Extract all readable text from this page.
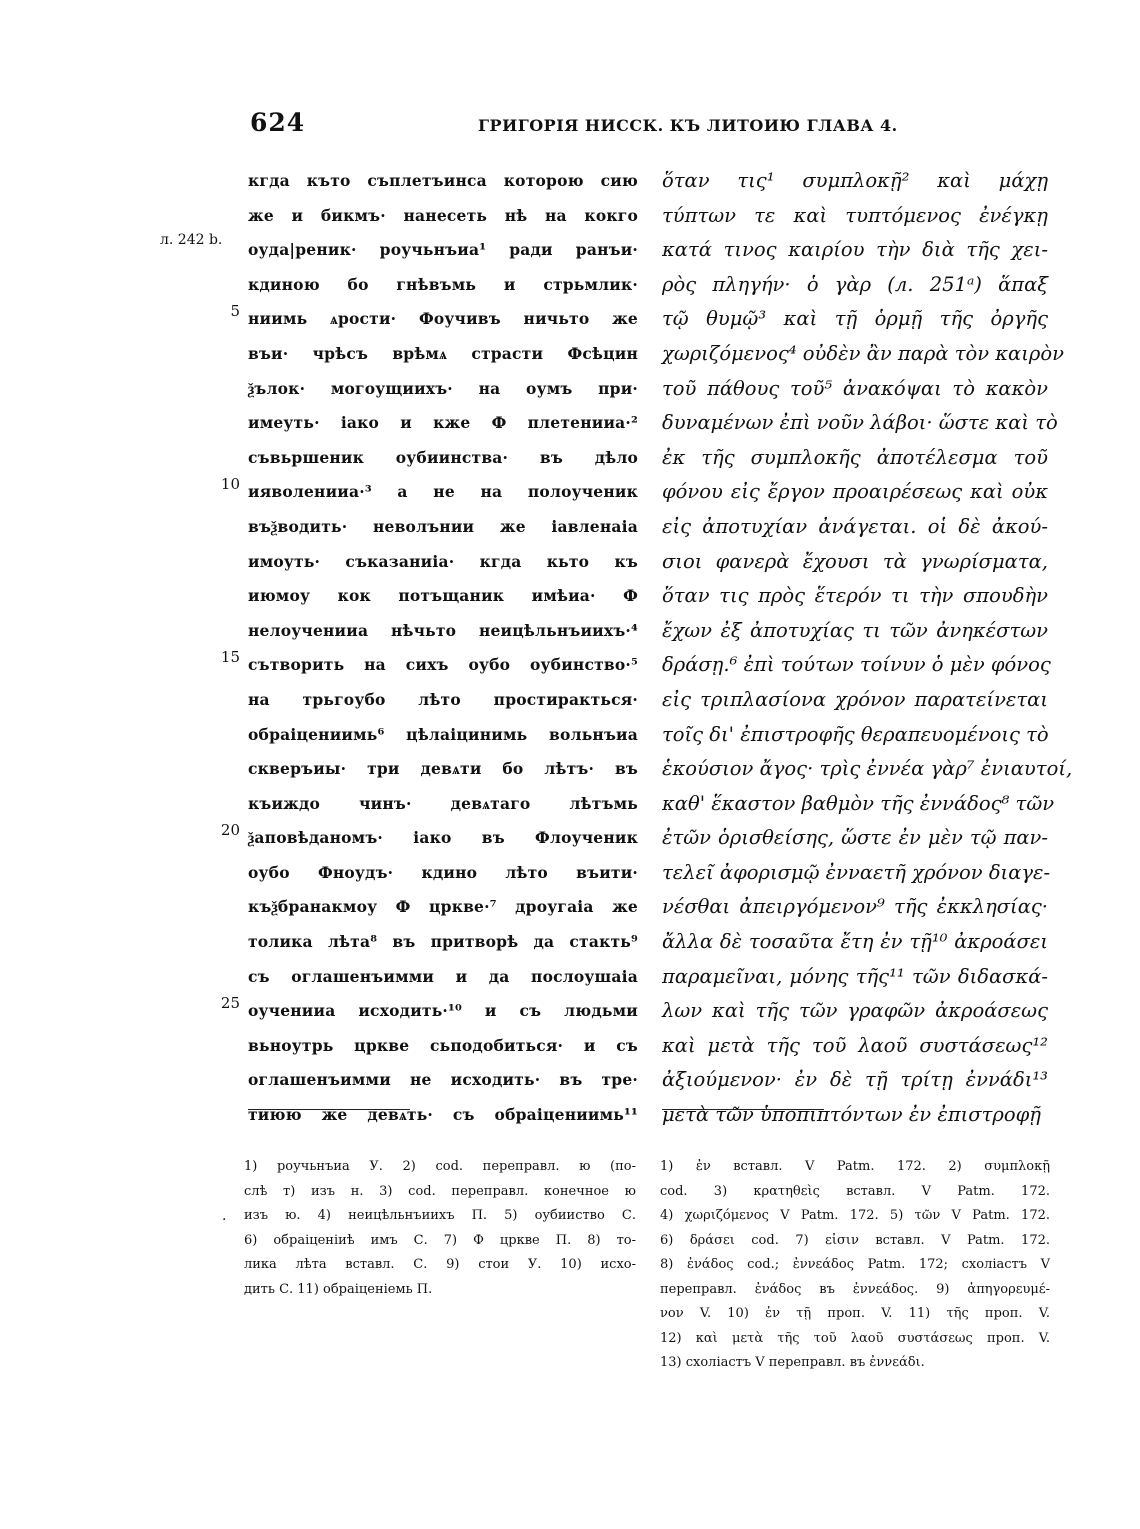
624	ГРИГОРІЯ НИССК. КЪ ЛИТОИЮ ГЛАВА 4.
л. 242 b.
5
10
15
20
25
кгда къто съплетъинса которою сию
же и бикмъ· нанесеть нѣ на кокго
оуда|реник· роучьнъиа¹ ради ранъи·
кдиною бо гнѣвъмь и стрьмлик·
ниимь ѧрости· Фоучивъ ничьто же
въи· чрѣсъ врѣмѧ страсти Фсѣцин
ѯълок· могоущиихъ· на оумъ при·
имеуть· іако и кже Ф плетенииа·²
съвьршеник оубиинства· въ дѣло
ияволенииа·³ а не на полоученик
въѯводить· неволънии же іавленаіа
имоуть· съказаниіа· кгда кьто къ
июмоу кок потъщаник имѣиа· Ф
нелоученииа нѣчьто неицѣльнъиихъ·⁴
сътворить на сихъ оубо оубинство·⁵
на трьгоубо лѣто простиракться·
обраіцениимь⁶ цѣлаіцинимь вольнъиа
скверъиы· три девѧти бо лѣтъ· въ
къиждо чинъ· девѧтаго лѣтъмь
ѯаповѣданомъ· іако въ Флоученик
оубо Фноудъ· кдино лѣто въити·
къѯбранакмоу Ф цркве·⁷ дроугаіа же
толика лѣта⁸ въ притворѣ да стакть⁹
съ оглашенъимми и да послоушаіа
оученииа исходить·¹⁰ и съ людьми
вьноутрь цркве сьподобиться· и съ
оглашенъимми не исходить· въ тре·
тиюю же девѧть· съ обраіцениимь¹¹
ὅταν τις¹ συμπλοκῇ² καὶ μάχῃ
τύπτων τε καὶ τυπτόμενος ἐνέγκῃ
κατά τινος καιρίου τὴν διὰ τῆς χει-
ρὸς πληγήν· ὁ γὰρ (л. 251ᵃ) ἅπαξ
τῷ θυμῷ³ καὶ τῇ ὁρμῇ τῆς ὀργῆς
χωριζόμενος⁴ οὐδὲν ἂν παρὰ τὸν καιρὸν
τοῦ πάθους τοῦ⁵ ἀνακόψαι τὸ κακὸν
δυναμένων ἐπὶ νοῦν λάβοι· ὥστε καὶ τὸ
ἐκ τῆς συμπλοκῆς ἀποτέλεσμα τοῦ
φόνου εἰς ἔργον προαιρέσεως καὶ οὐκ
εἰς ἀποτυχίαν ἀνάγεται. οἱ δὲ ἀκού-
σιοι φανερὰ ἔχουσι τὰ γνωρίσματα,
ὅταν τις πρὸς ἕτερόν τι τὴν σπουδὴν
ἔχων ἐξ ἀποτυχίας τι τῶν ἀνηκέστων
δράσῃ.⁶ ἐπὶ τούτων τοίνυν ὁ μὲν φόνος
εἰς τριπλασίονα χρόνον παρατείνεται
τοῖς δι' ἐπιστροφῆς θεραπευομένοις τὸ
ἑκούσιον ἄγος· τρὶς ἐννέα γὰρ⁷ ἐνιαυτοί,
καθ' ἕκαστον βαθμὸν τῆς ἐννάδος⁸ τῶν
ἐτῶν ὁρισθείσης, ὥστε ἐν μὲν τῷ παν-
τελεῖ ἀφορισμῷ ἐνναετῆ χρόνον διαγε-
νέσθαι ἀπειργόμενον⁹ τῆς ἐκκλησίας·
ἄλλα δὲ τοσαῦτα ἔτη ἐν τῇ¹⁰ ἀκροάσει
παραμεῖναι, μόνης τῆς¹¹ τῶν διδασκά-
λων καὶ τῆς τῶν γραφῶν ἀκροάσεως
καὶ μετὰ τῆς τοῦ λαοῦ συστάσεως¹²
ἀξιούμενον· ἐν δὲ τῇ τρίτῃ ἐννάδι¹³
μετὰ τῶν ὑποπιπτόντων ἐν ἐπιστροφῇ
·
1) роучьнъиа У. 2) cod. перепpавл. ю (по-
слѣ т) изъ н. 3) cod. перепpавл. конечное ю
изъ ю. 4) неицѣльнъиихъ П. 5) оубииство С.
6) обраіценіиѣ имъ С. 7) Ф цркве П. 8) то-
лика лѣта вставл. С. 9) стои У. 10) исхо-
дить С. 11) обраіценіемь П.
1) ἐν вставл. V Patm. 172. 2) συμπλοκῇ
cod. 3) κρατηθεὶς вставл. V Patm. 172.
4) χωριζόμενος V Patm. 172. 5) τῶν V Patm. 172.
6) δράσει cod. 7) εἰσιν вставл. V Patm. 172.
8) ἐνάδος cod.; ἐννεάδος Patm. 172; схоліастъ V
переправл. ἐνάδος въ ἐννεάδος. 9) ἀπηγορευμέ-
νον V. 10) ἐν τῇ проп. V. 11) τῆς проп. V.
12) καὶ μετὰ τῆς τοῦ λαοῦ συστάσεως проп. V.
13) схоліастъ V переправл. въ ἐννεάδι.
